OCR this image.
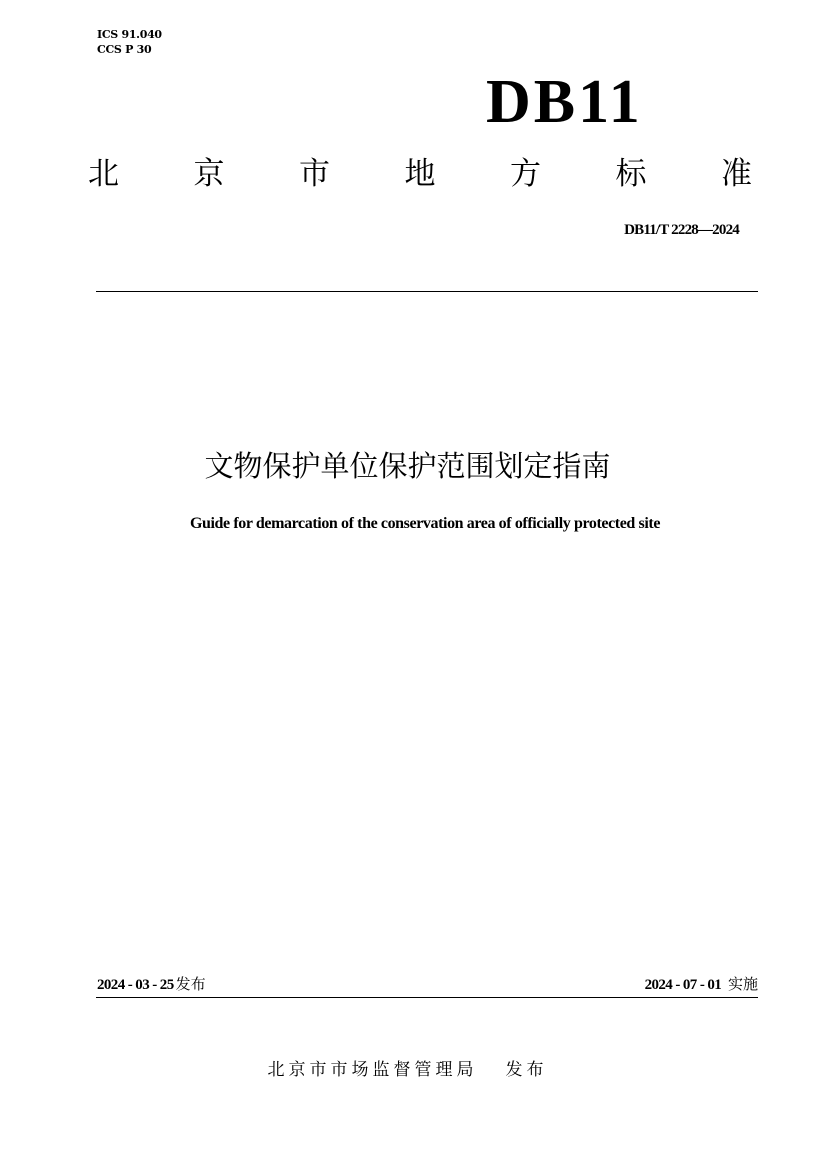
ICS 91.040
CCS P 30
DB11
北 京 市 地 方 标 准
DB11/T 2228—2024
文物保护单位保护范围划定指南
Guide for demarcation of the conservation area of officially protected site
2024 - 03 - 25 发布	2024 - 07 - 01 实施
北京市市场监督管理局 发布
